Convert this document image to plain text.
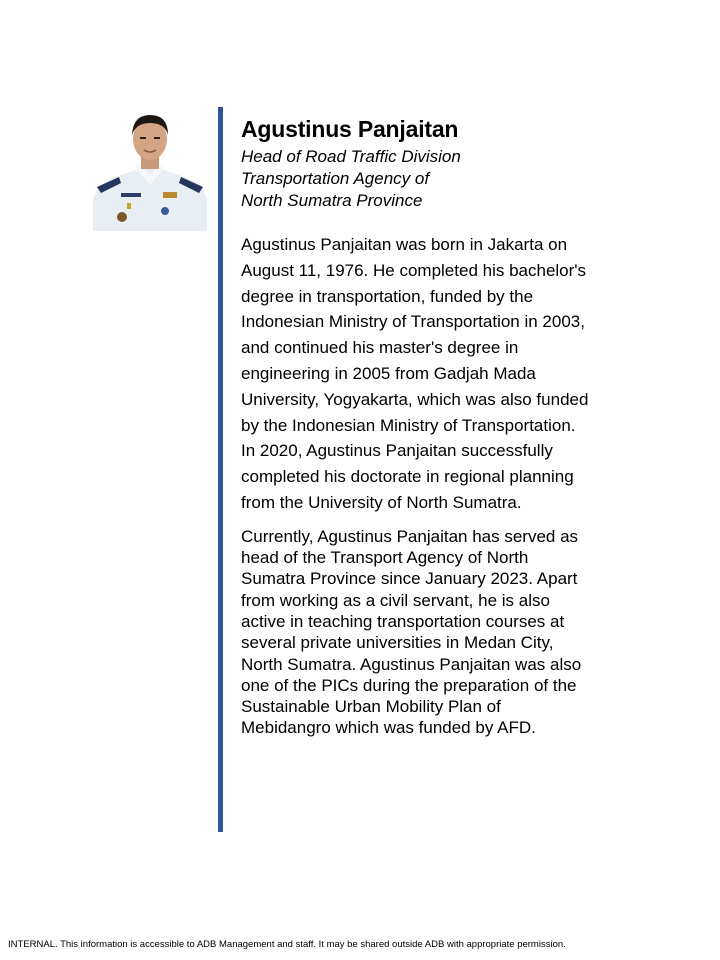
Agustinus Panjaitan
Head of Road Traffic Division
Transportation Agency of
North Sumatra Province
Agustinus Panjaitan was born in Jakarta on August 11, 1976. He completed his bachelor's degree in transportation, funded by the Indonesian Ministry of Transportation in 2003, and continued his master's degree in engineering in 2005 from Gadjah Mada University, Yogyakarta, which was also funded by the Indonesian Ministry of Transportation. In 2020, Agustinus Panjaitan successfully completed his doctorate in regional planning from the University of North Sumatra.
Currently, Agustinus Panjaitan has served as head of the Transport Agency of North Sumatra Province since January 2023. Apart from working as a civil servant, he is also active in teaching transportation courses at several private universities in Medan City, North Sumatra. Agustinus Panjaitan was also one of the PICs during the preparation of the Sustainable Urban Mobility Plan of Mebidangro which was funded by AFD.
INTERNAL. This information is accessible to ADB Management and staff. It may be shared outside ADB with appropriate permission.
